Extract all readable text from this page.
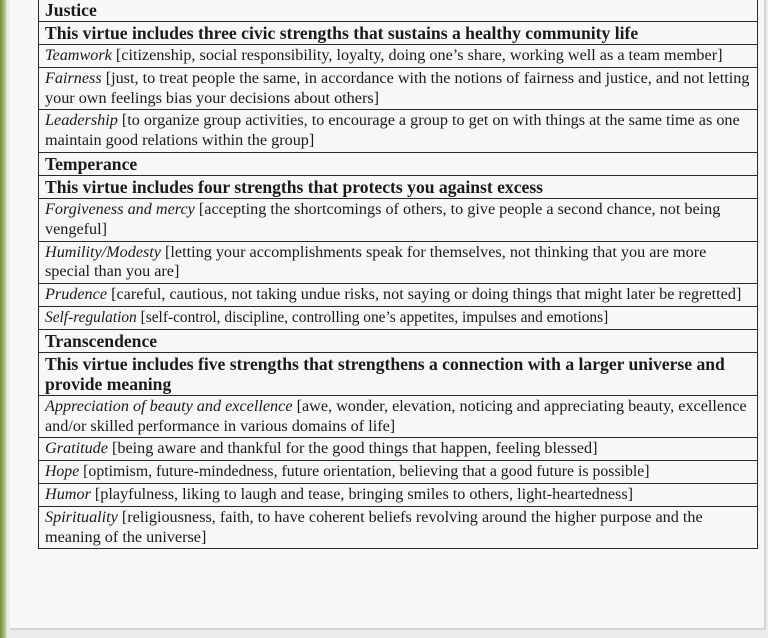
Justice
This virtue includes three civic strengths that sustains a healthy community life
Teamwork [citizenship, social responsibility, loyalty, doing one’s share, working well as a team member]
Fairness [just, to treat people the same, in accordance with the notions of fairness and justice, and not letting your own feelings bias your decisions about others]
Leadership [to organize group activities, to encourage a group to get on with things at the same time as one maintain good relations within the group]
Temperance
This virtue includes four strengths that protects you against excess
Forgiveness and mercy [accepting the shortcomings of others, to give people a second chance, not being vengeful]
Humility/Modesty [letting your accomplishments speak for themselves, not thinking that you are more special than you are]
Prudence [careful, cautious, not taking undue risks, not saying or doing things that might later be regretted]
Self-regulation [self-control, discipline, controlling one’s appetites, impulses and emotions]
Transcendence
This virtue includes five strengths that strengthens a connection with a larger universe and provide meaning
Appreciation of beauty and excellence [awe, wonder, elevation, noticing and appreciating beauty, excellence and/or skilled performance in various domains of life]
Gratitude [being aware and thankful for the good things that happen, feeling blessed]
Hope [optimism, future-mindedness, future orientation, believing that a good future is possible]
Humor [playfulness, liking to laugh and tease, bringing smiles to others, light-heartedness]
Spirituality [religiousness, faith, to have coherent beliefs revolving around the higher purpose and the meaning of the universe]
